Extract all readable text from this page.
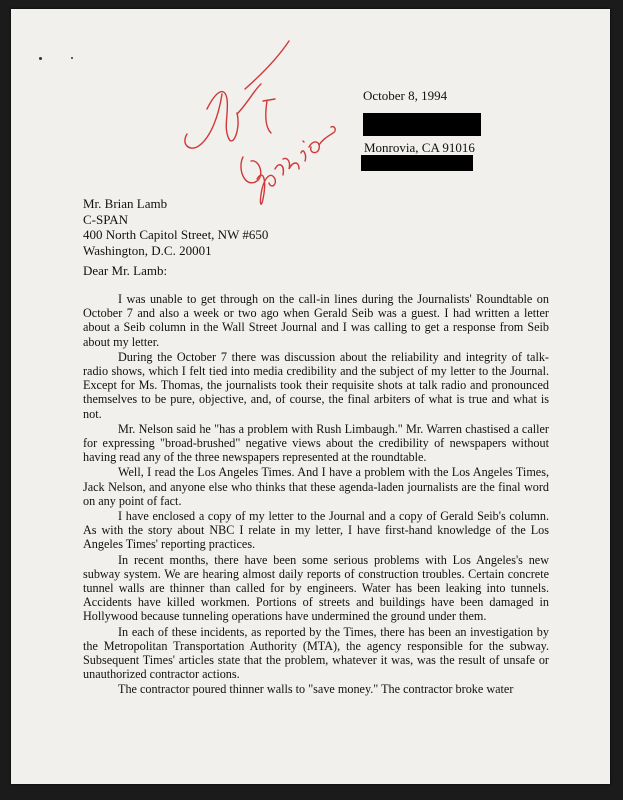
October 8, 1994
Monrovia, CA 91016
Mr. Brian Lamb
C-SPAN
400 North Capitol Street, NW #650
Washington, D.C. 20001
Dear Mr. Lamb:

I was unable to get through on the call-in lines during the Journalists' Roundtable on October 7 and also a week or two ago when Gerald Seib was a guest. I had written a letter about a Seib column in the Wall Street Journal and I was calling to get a response from Seib about my letter.

During the October 7 there was discussion about the reliability and integrity of talk-radio shows, which I felt tied into media credibility and the subject of my letter to the Journal. Except for Ms. Thomas, the journalists took their requisite shots at talk radio and pronounced themselves to be pure, objective, and, of course, the final arbiters of what is true and what is not.

Mr. Nelson said he "has a problem with Rush Limbaugh." Mr. Warren chastised a caller for expressing "broad-brushed" negative views about the credibility of newspapers without having read any of the three newspapers represented at the roundtable.

Well, I read the Los Angeles Times. And I have a problem with the Los Angeles Times, Jack Nelson, and anyone else who thinks that these agenda-laden journalists are the final word on any point of fact.

I have enclosed a copy of my letter to the Journal and a copy of Gerald Seib's column. As with the story about NBC I relate in my letter, I have first-hand knowledge of the Los Angeles Times' reporting practices.

In recent months, there have been some serious problems with Los Angeles's new subway system. We are hearing almost daily reports of construction troubles. Certain concrete tunnel walls are thinner than called for by engineers. Water has been leaking into tunnels. Accidents have killed workmen. Portions of streets and buildings have been damaged in Hollywood because tunneling operations have undermined the ground under them.

In each of these incidents, as reported by the Times, there has been an investigation by the Metropolitan Transportation Authority (MTA), the agency responsible for the subway. Subsequent Times' articles state that the problem, whatever it was, was the result of unsafe or unauthorized contractor actions.

The contractor poured thinner walls to "save money." The contractor broke water
